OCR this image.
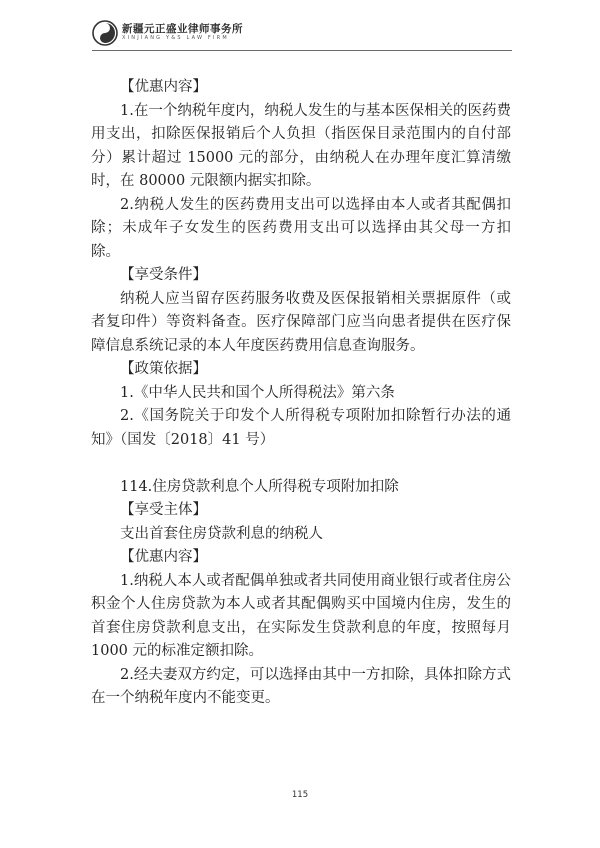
新疆元正盛业律师事务所
XINJIANG Y&S LAW FIRM

【优惠内容】

1.在一个纳税年度内，纳税人发生的与基本医保相关的医药费用支出，扣除医保报销后个人负担（指医保目录范围内的自付部分）累计超过 15000 元的部分，由纳税人在办理年度汇算清缴时，在 80000 元限额内据实扣除。

2.纳税人发生的医药费用支出可以选择由本人或者其配偶扣除；未成年子女发生的医药费用支出可以选择由其父母一方扣除。

【享受条件】

纳税人应当留存医药服务收费及医保报销相关票据原件（或者复印件）等资料备查。医疗保障部门应当向患者提供在医疗保障信息系统记录的本人年度医药费用信息查询服务。

【政策依据】

1.《中华人民共和国个人所得税法》第六条

2.《国务院关于印发个人所得税专项附加扣除暂行办法的通知》（国发〔2018〕41 号）

114.住房贷款利息个人所得税专项附加扣除

【享受主体】

支出首套住房贷款利息的纳税人

【优惠内容】

1.纳税人本人或者配偶单独或者共同使用商业银行或者住房公积金个人住房贷款为本人或者其配偶购买中国境内住房，发生的首套住房贷款利息支出，在实际发生贷款利息的年度，按照每月 1000 元的标准定额扣除。

2.经夫妻双方约定，可以选择由其中一方扣除，具体扣除方式在一个纳税年度内不能变更。

115
